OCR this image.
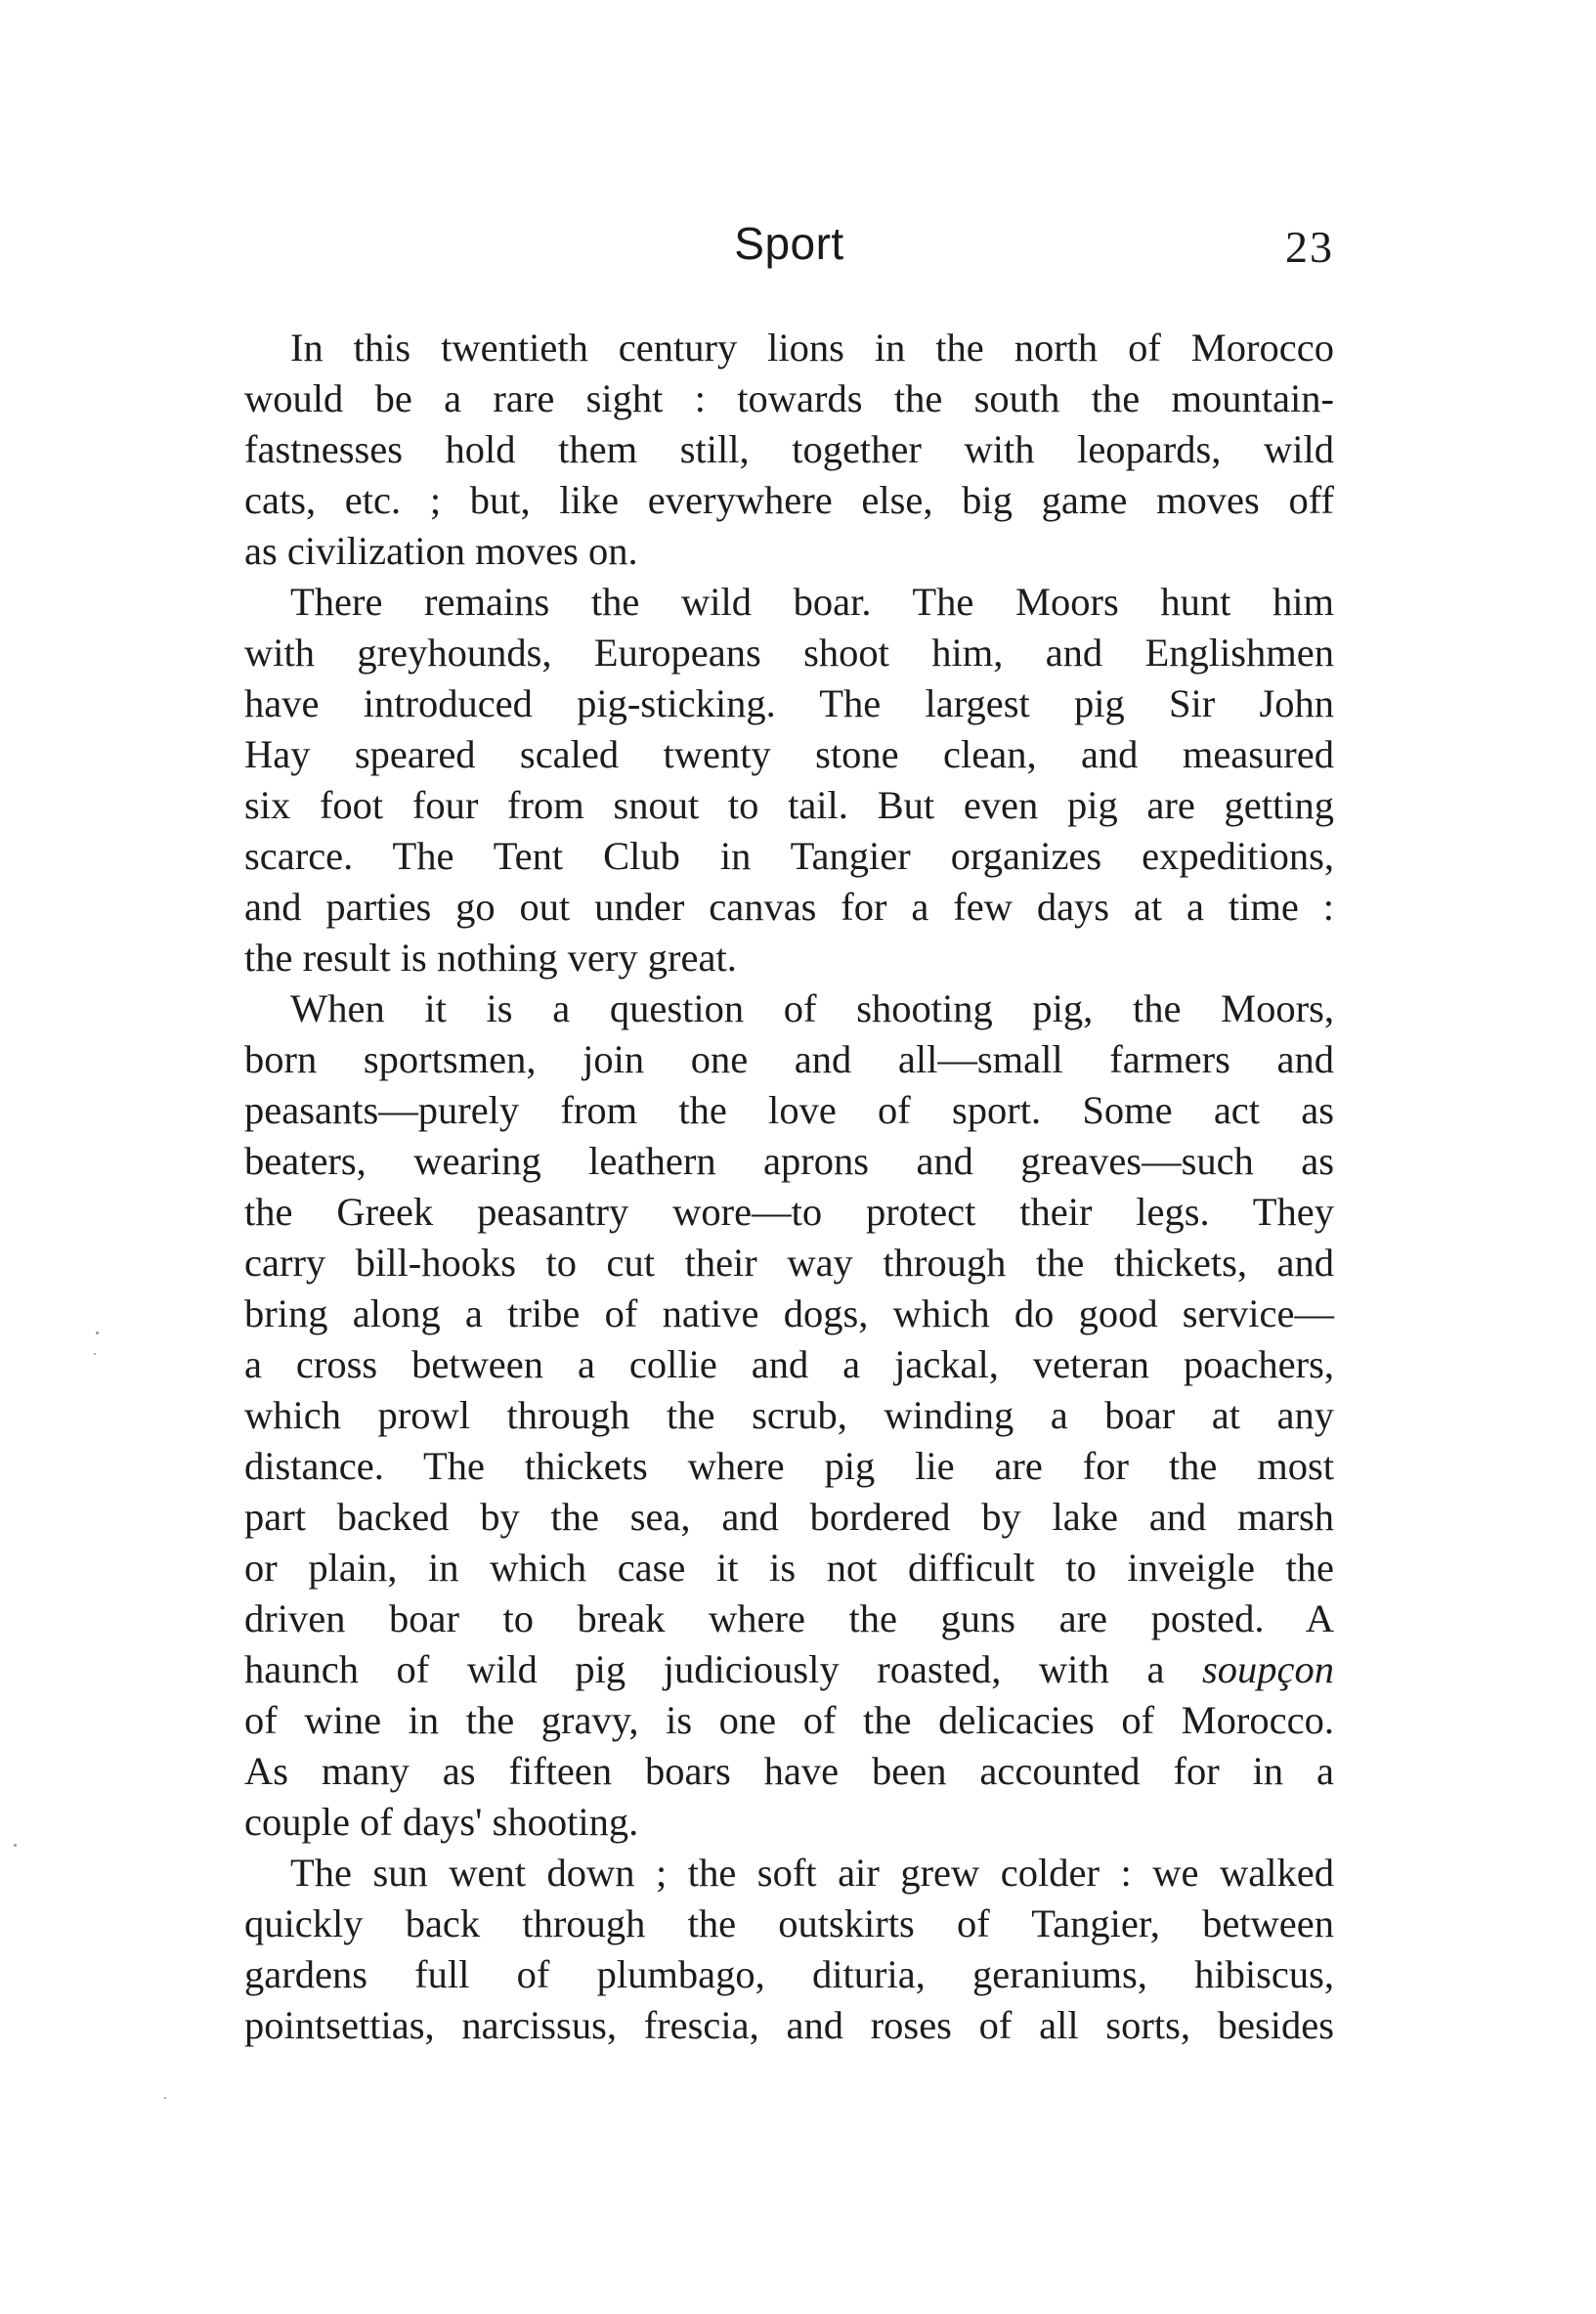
Sport	23
In this twentieth century lions in the north of Morocco
would be a rare sight : towards the south the mountain-
fastnesses hold them still, together with leopards, wild
cats, etc. ; but, like everywhere else, big game moves off
as civilization moves on.
There remains the wild boar. The Moors hunt him
with greyhounds, Europeans shoot him, and Englishmen
have introduced pig-sticking. The largest pig Sir John
Hay speared scaled twenty stone clean, and measured
six foot four from snout to tail. But even pig are getting
scarce. The Tent Club in Tangier organizes expeditions,
and parties go out under canvas for a few days at a time :
the result is nothing very great.
When it is a question of shooting pig, the Moors,
born sportsmen, join one and all—small farmers and
peasants—purely from the love of sport. Some act as
beaters, wearing leathern aprons and greaves—such as
the Greek peasantry wore—to protect their legs. They
carry bill-hooks to cut their way through the thickets, and
bring along a tribe of native dogs, which do good service—
a cross between a collie and a jackal, veteran poachers,
which prowl through the scrub, winding a boar at any
distance. The thickets where pig lie are for the most
part backed by the sea, and bordered by lake and marsh
or plain, in which case it is not difficult to inveigle the
driven boar to break where the guns are posted. A
haunch of wild pig judiciously roasted, with a soupçon
of wine in the gravy, is one of the delicacies of Morocco.
As many as fifteen boars have been accounted for in a
couple of days' shooting.
The sun went down ; the soft air grew colder : we walked
quickly back through the outskirts of Tangier, between
gardens full of plumbago, dituria, geraniums, hibiscus,
pointsettias, narcissus, frescia, and roses of all sorts, besides
